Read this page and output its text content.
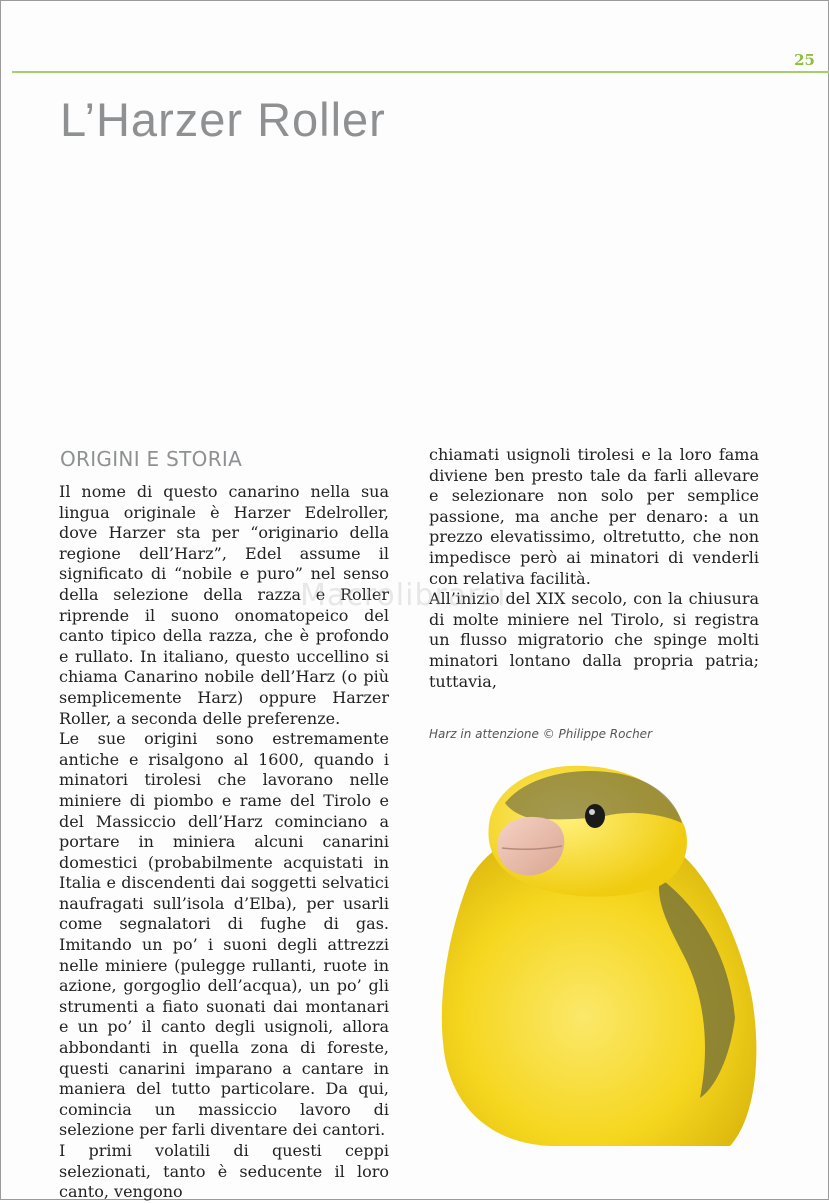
25
L’Harzer Roller
ORIGINI E STORIA

Il nome di questo canarino nella sua lingua originale è Harzer Edelroller, dove Harzer sta per “originario della regione dell’Harz”, Edel assume il significato di “nobile e puro” nel senso della selezione della razza e Roller riprende il suono onomatopeico del canto tipico della razza, che è profondo e rullato. In italiano, questo uccellino si chiama Canarino nobile dell’Harz (o più semplicemente Harz) oppure Harzer Roller, a seconda delle preferenze.

Le sue origini sono estremamente antiche e risalgono al 1600, quando i minatori tirolesi che lavorano nelle miniere di piombo e rame del Tirolo e del Massiccio dell’Harz cominciano a portare in miniera alcuni canarini domestici (probabilmente acquistati in Italia e discendenti dai soggetti selvatici naufragati sull’isola d’Elba), per usarli come segnalatori di fughe di gas. Imitando un po’ i suoni degli attrezzi nelle miniere (pulegge rullanti, ruote in azione, gorgoglio dell’acqua), un po’ gli strumenti a fiato suonati dai montanari e un po’ il canto degli usignoli, allora abbondanti in quella zona di foreste, questi canarini imparano a cantare in maniera del tutto particolare. Da qui, comincia un massiccio lavoro di selezione per farli diventare dei cantori.

I primi volatili di questi ceppi selezionati, tanto è seducente il loro canto, vengono

chiamati usignoli tirolesi e la loro fama diviene ben presto tale da farli allevare e selezionare non solo per semplice passione, ma anche per denaro: a un prezzo elevatissimo, oltretutto, che non impedisce però ai minatori di venderli con relativa facilità.

All’inizio del XIX secolo, con la chiusura di molte miniere nel Tirolo, si registra un flusso migratorio che spinge molti minatori lontano dalla propria patria; tuttavia,

Macrolibrarsi
Harz in attenzione © Philippe Rocher
